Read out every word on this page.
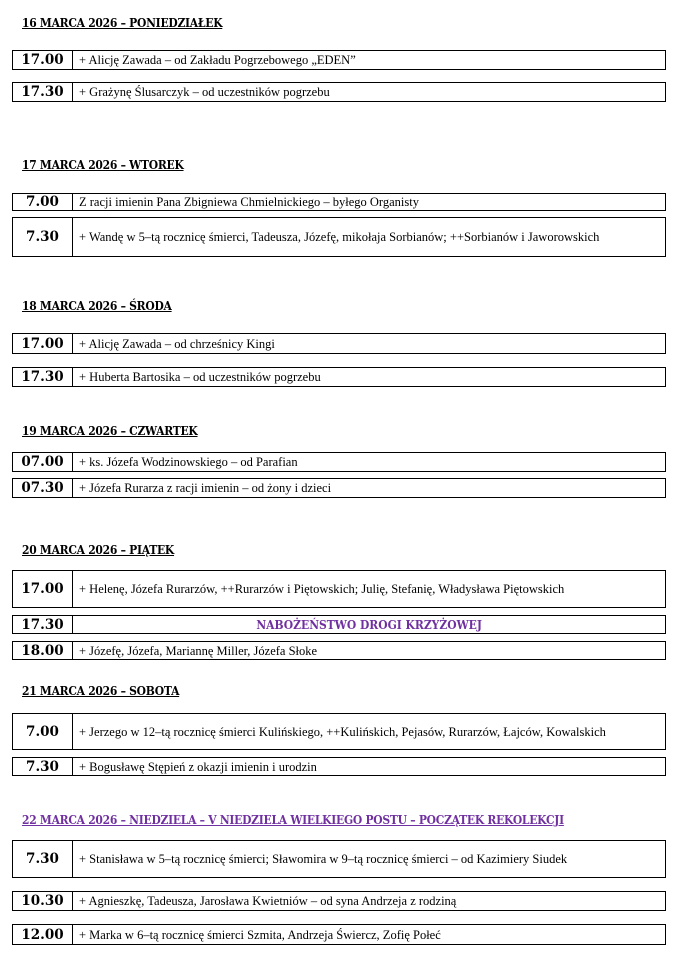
16 MARCA 2026 – PONIEDZIAŁEK
17.00	+ Alicję Zawada – od Zakładu Pogrzebowego „EDEN”
17.30	+ Grażynę Ślusarczyk – od uczestników pogrzebu
17 MARCA 2026 – WTOREK
7.00	Z racji imienin Pana Zbigniewa Chmielnickiego – byłego Organisty
7.30	+ Wandę w 5–tą rocznicę śmierci, Tadeusza, Józefę, mikołaja Sorbianów; ++Sorbianów i Jaworowskich
18 MARCA 2026 – ŚRODA
17.00	+ Alicję Zawada – od chrześnicy Kingi
17.30	+ Huberta Bartosika – od uczestników pogrzebu
19 MARCA 2026 – CZWARTEK
07.00	+ ks. Józefa Wodzinowskiego – od Parafian
07.30	+ Józefa Rurarza z racji imienin – od żony i dzieci
20 MARCA 2026 – PIĄTEK
17.00	+ Helenę, Józefa Rurarzów, ++Rurarzów i Piętowskich; Julię, Stefanię, Władysława Piętowskich
17.30	NABOŻEŃSTWO DROGI KRZYŻOWEJ
18.00	+ Józefę, Józefa, Mariannę Miller, Józefa Słoke
21 MARCA 2026 – SOBOTA
7.00	+ Jerzego w 12–tą rocznicę śmierci Kulińskiego, ++Kulińskich, Pejasów, Rurarzów, Łajców, Kowalskich
7.30	+ Bogusławę Stępień z okazji imienin i urodzin
22 MARCA 2026 – NIEDZIELA – V NIEDZIELA WIELKIEGO POSTU – POCZĄTEK REKOLEKCJI
7.30	+ Stanisława w 5–tą rocznicę śmierci; Sławomira w 9–tą rocznicę śmierci – od Kazimiery Siudek
10.30	+ Agnieszkę, Tadeusza, Jarosława Kwietniów – od syna Andrzeja z rodziną
12.00	+ Marka w 6–tą rocznicę śmierci Szmita, Andrzeja Świercz, Zofię Połeć
